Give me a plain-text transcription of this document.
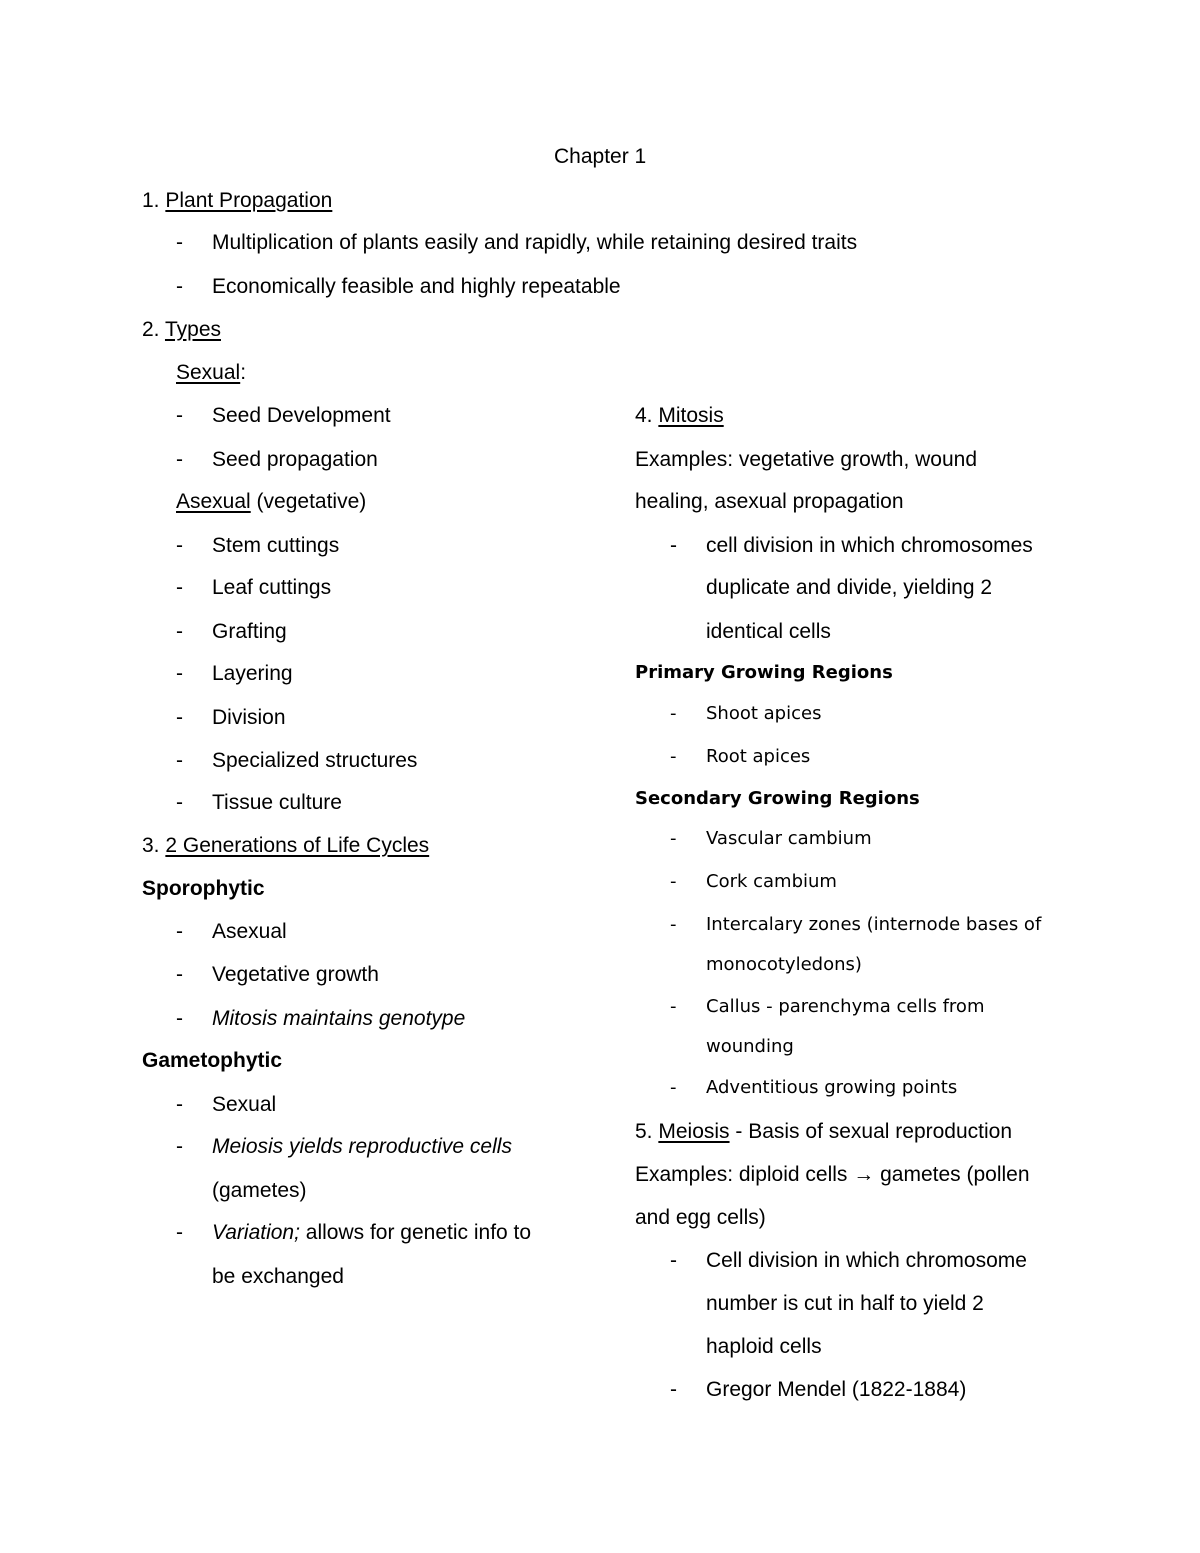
Chapter 1
1. Plant Propagation
- Multiplication of plants easily and rapidly, while retaining desired traits
- Economically feasible and highly repeatable
2. Types
Sexual:
- Seed Development
- Seed propagation
Asexual (vegetative)
- Stem cuttings
- Leaf cuttings
- Grafting
- Layering
- Division
- Specialized structures
- Tissue culture
3. 2 Generations of Life Cycles
Sporophytic
- Asexual
- Vegetative growth
- Mitosis maintains genotype
Gametophytic
- Sexual
- Meiosis yields reproductive cells
(gametes)
- Variation; allows for genetic info to
be exchanged
4. Mitosis
Examples: vegetative growth, wound
healing, asexual propagation
- cell division in which chromosomes
duplicate and divide, yielding 2
identical cells
Primary Growing Regions
- Shoot apices
- Root apices
Secondary Growing Regions
- Vascular cambium
- Cork cambium
- Intercalary zones (internode bases of
monocotyledons)
- Callus - parenchyma cells from
wounding
- Adventitious growing points
5. Meiosis - Basis of sexual reproduction
Examples: diploid cells → gametes (pollen
and egg cells)
- Cell division in which chromosome
number is cut in half to yield 2
haploid cells
- Gregor Mendel (1822-1884)
